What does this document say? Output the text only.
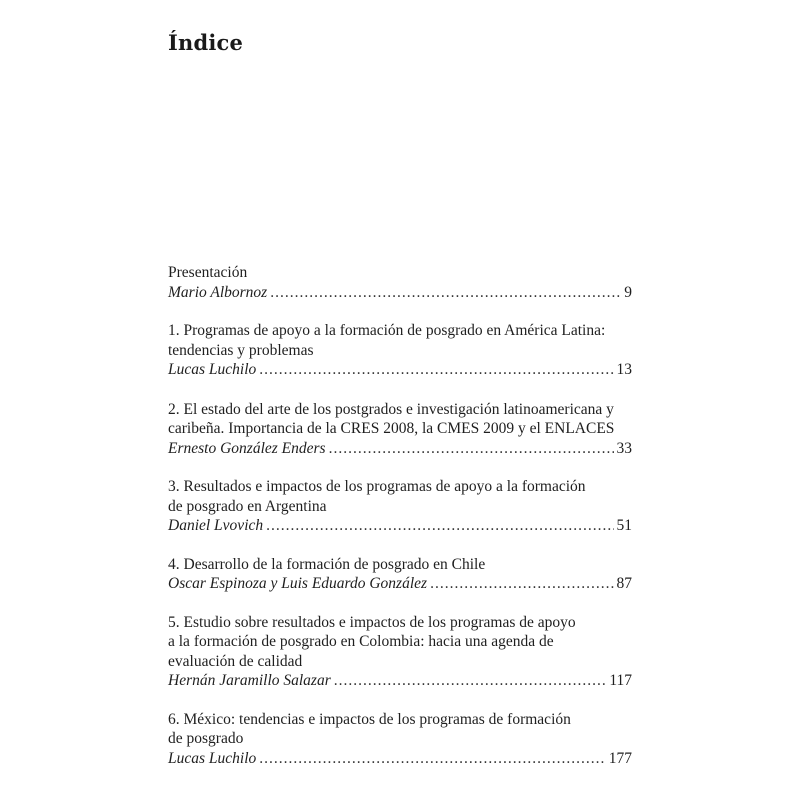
Índice
Presentación
Mario Albornoz .....	9
1. Programas de apoyo a la formación de posgrado en América Latina:
tendencias y problemas
Lucas Luchilo .....	13
2. El estado del arte de los postgrados e investigación latinoamericana y
caribeña. Importancia de la CRES 2008, la CMES 2009 y el ENLACES
Ernesto González Enders .....	33
3. Resultados e impactos de los programas de apoyo a la formación
de posgrado en Argentina
Daniel Lvovich .....	51
4. Desarrollo de la formación de posgrado en Chile
Oscar Espinoza y Luis Eduardo González .....	87
5. Estudio sobre resultados e impactos de los programas de apoyo
a la formación de posgrado en Colombia: hacia una agenda de
evaluación de calidad
Hernán Jaramillo Salazar .....	117
6. México: tendencias e impactos de los programas de formación
de posgrado
Lucas Luchilo .....	177
